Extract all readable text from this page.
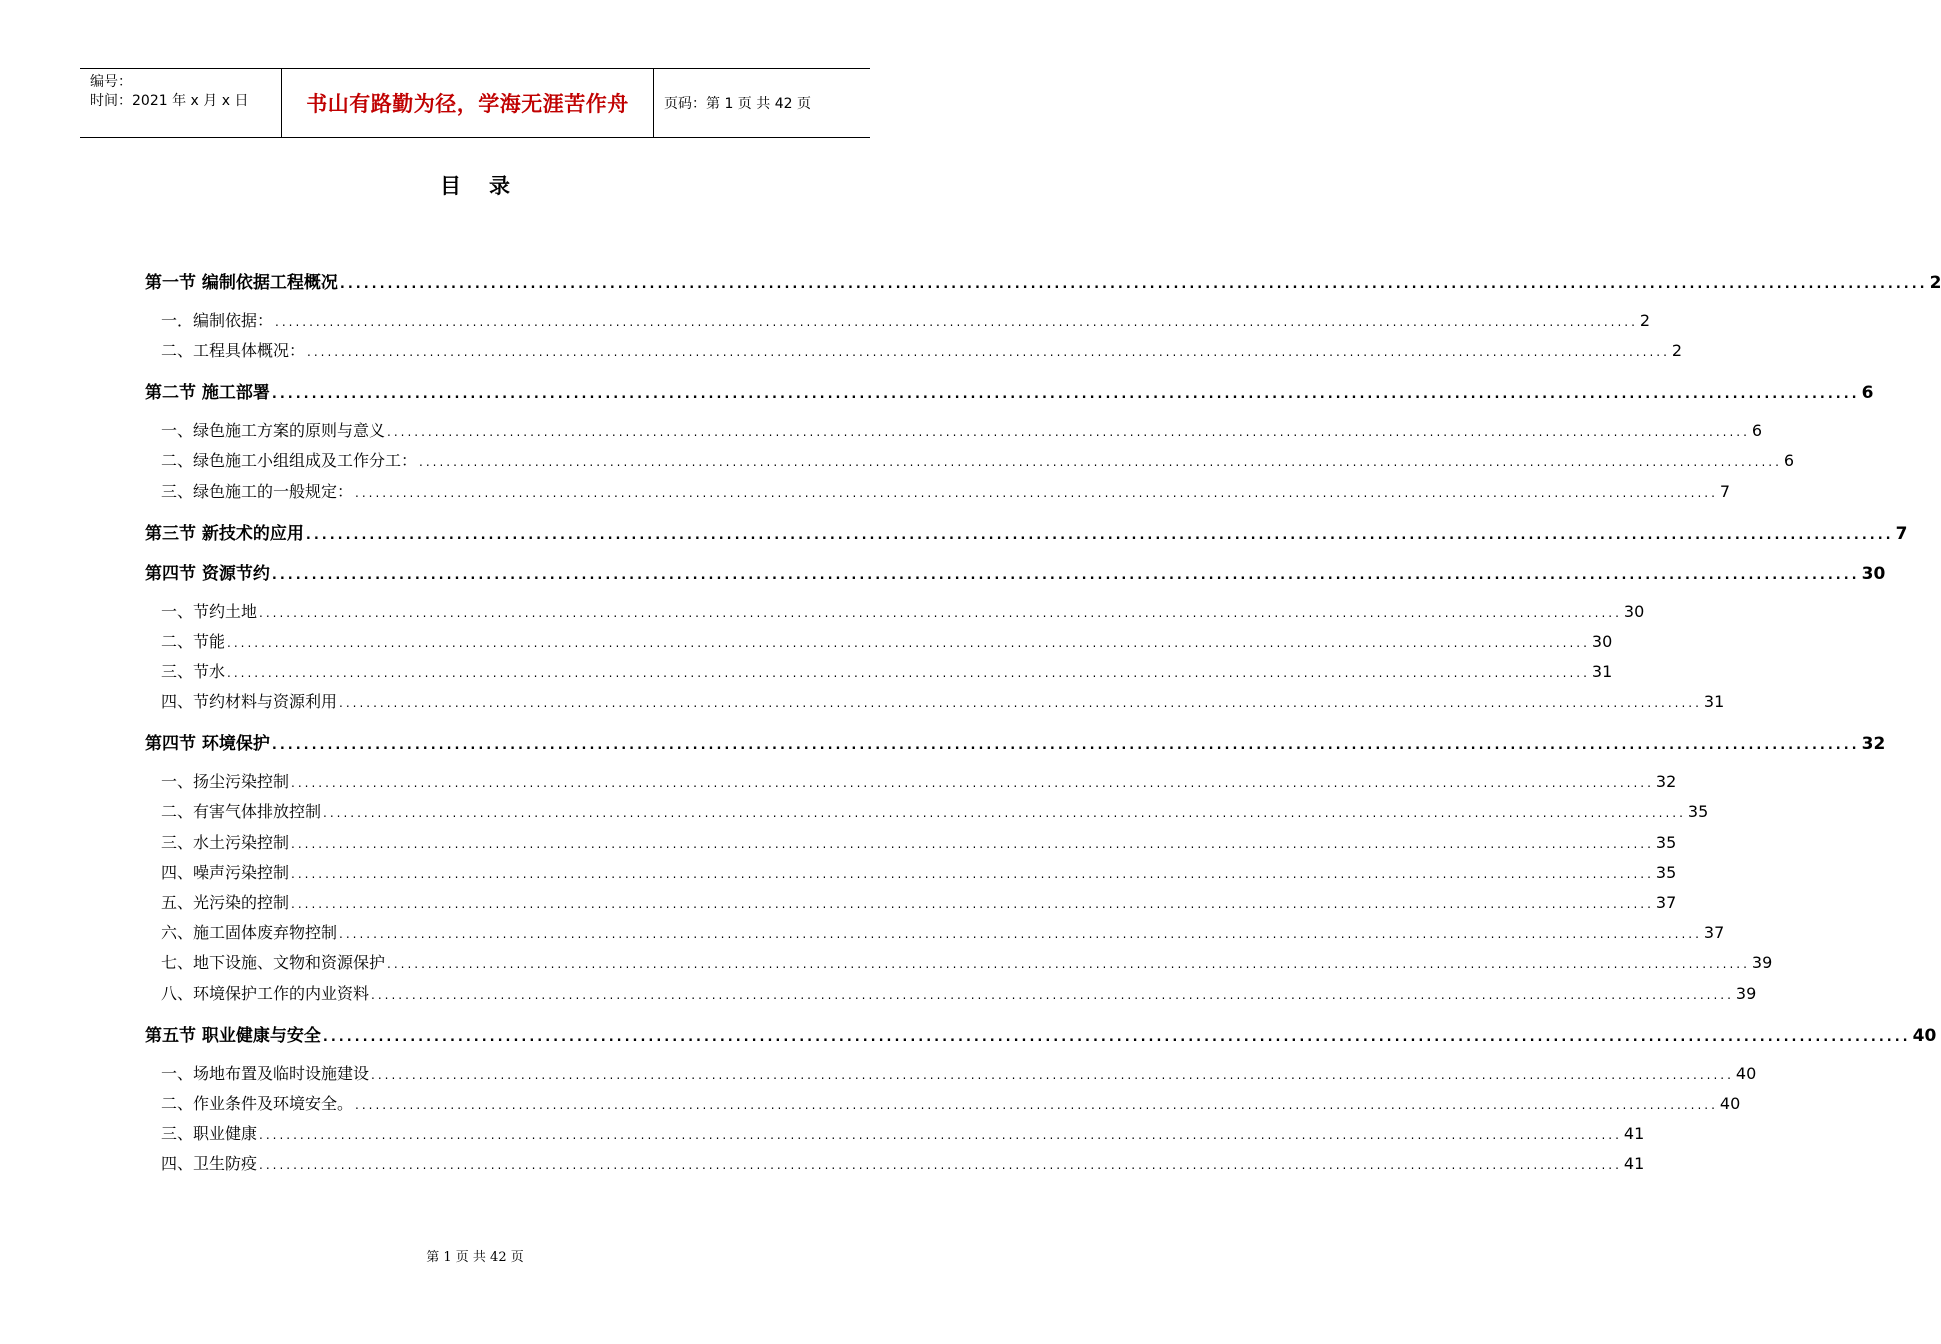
编号：
时间：2021 年 x 月 x 日	书山有路勤为径，学海无涯苦作舟	页码：第 1 页 共 42 页
目录
第一节 编制依据工程概况 ........................................................................................................................................................................................................ 2
一．编制依据： ........................................................................................................................................................................................................ 2
二、工程具体概况： ........................................................................................................................................................................................................ 2
第二节 施工部署 ........................................................................................................................................................................................................ 6
一、绿色施工方案的原则与意义 ........................................................................................................................................................................................................ 6
二、绿色施工小组组成及工作分工： ........................................................................................................................................................................................................ 6
三、绿色施工的一般规定： ........................................................................................................................................................................................................ 7
第三节 新技术的应用 ........................................................................................................................................................................................................ 7
第四节 资源节约 ........................................................................................................................................................................................................ 30
一、节约土地 ........................................................................................................................................................................................................ 30
二、节能 ........................................................................................................................................................................................................ 30
三、节水 ........................................................................................................................................................................................................ 31
四、节约材料与资源利用 ........................................................................................................................................................................................................ 31
第四节 环境保护 ........................................................................................................................................................................................................ 32
一、扬尘污染控制 ........................................................................................................................................................................................................ 32
二、有害气体排放控制 ........................................................................................................................................................................................................ 35
三、水土污染控制 ........................................................................................................................................................................................................ 35
四、噪声污染控制 ........................................................................................................................................................................................................ 35
五、光污染的控制 ........................................................................................................................................................................................................ 37
六、施工固体废弃物控制 ........................................................................................................................................................................................................ 37
七、地下设施、文物和资源保护 ........................................................................................................................................................................................................ 39
八、环境保护工作的内业资料 ........................................................................................................................................................................................................ 39
第五节 职业健康与安全 ........................................................................................................................................................................................................ 40
一、场地布置及临时设施建设 ........................................................................................................................................................................................................ 40
二、作业条件及环境安全。 ........................................................................................................................................................................................................ 40
三、职业健康 ........................................................................................................................................................................................................ 41
四、卫生防疫 ........................................................................................................................................................................................................ 41
第 1 页 共 42 页
